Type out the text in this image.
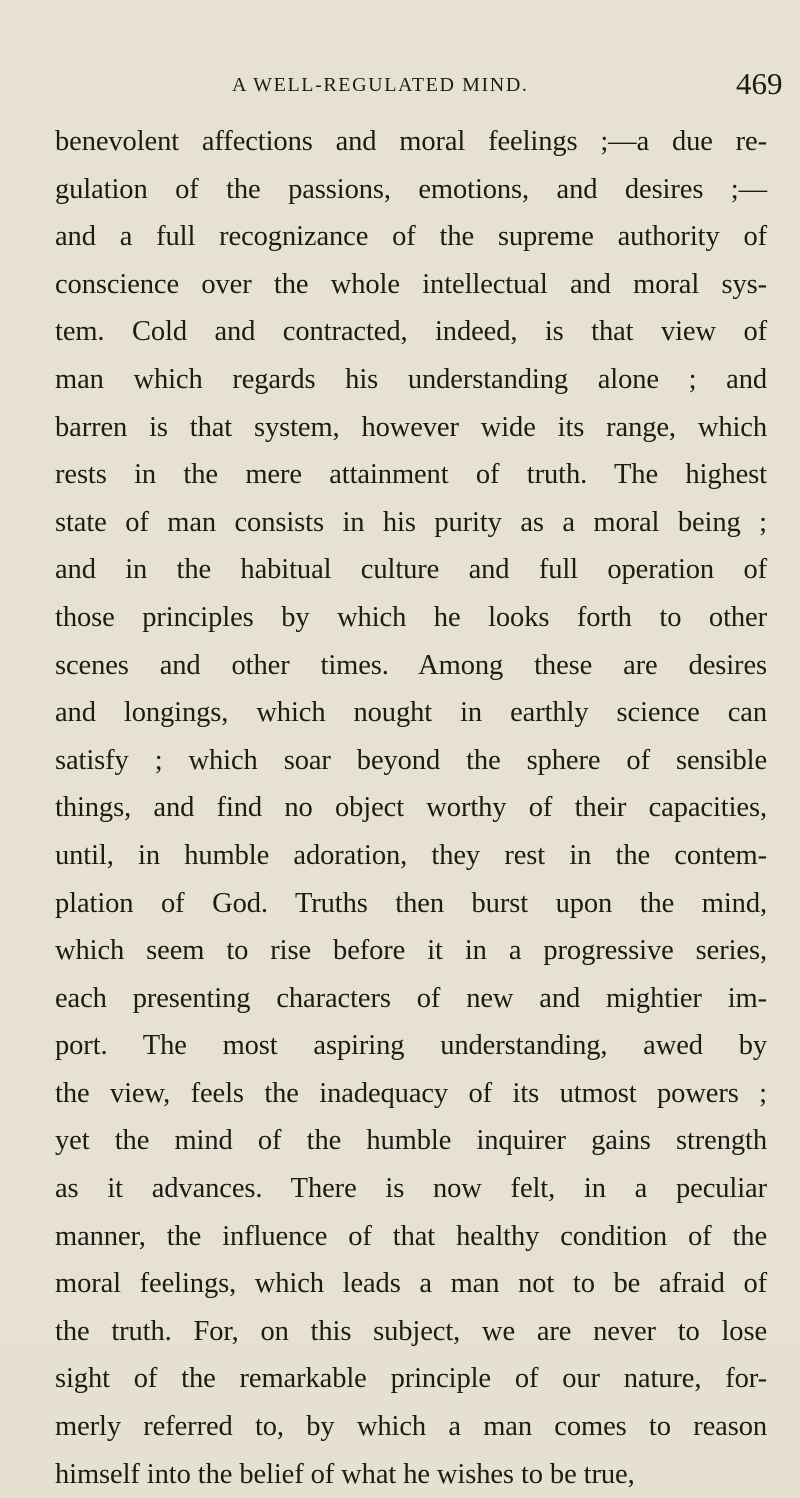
A WELL-REGULATED MIND.	469
benevolent affections and moral feelings ;—a due re-
gulation of the passions, emotions, and desires ;—
and a full recognizance of the supreme authority of
conscience over the whole intellectual and moral sys-
tem. Cold and contracted, indeed, is that view of
man which regards his understanding alone ; and
barren is that system, however wide its range, which
rests in the mere attainment of truth. The highest
state of man consists in his purity as a moral being ;
and in the habitual culture and full operation of
those principles by which he looks forth to other
scenes and other times. Among these are desires
and longings, which nought in earthly science can
satisfy ; which soar beyond the sphere of sensible
things, and find no object worthy of their capacities,
until, in humble adoration, they rest in the contem-
plation of God. Truths then burst upon the mind,
which seem to rise before it in a progressive series,
each presenting characters of new and mightier im-
port. The most aspiring understanding, awed by
the view, feels the inadequacy of its utmost powers ;
yet the mind of the humble inquirer gains strength
as it advances. There is now felt, in a peculiar
manner, the influence of that healthy condition of the
moral feelings, which leads a man not to be afraid of
the truth. For, on this subject, we are never to lose
sight of the remarkable principle of our nature, for-
merly referred to, by which a man comes to reason
himself into the belief of what he wishes to be true,
